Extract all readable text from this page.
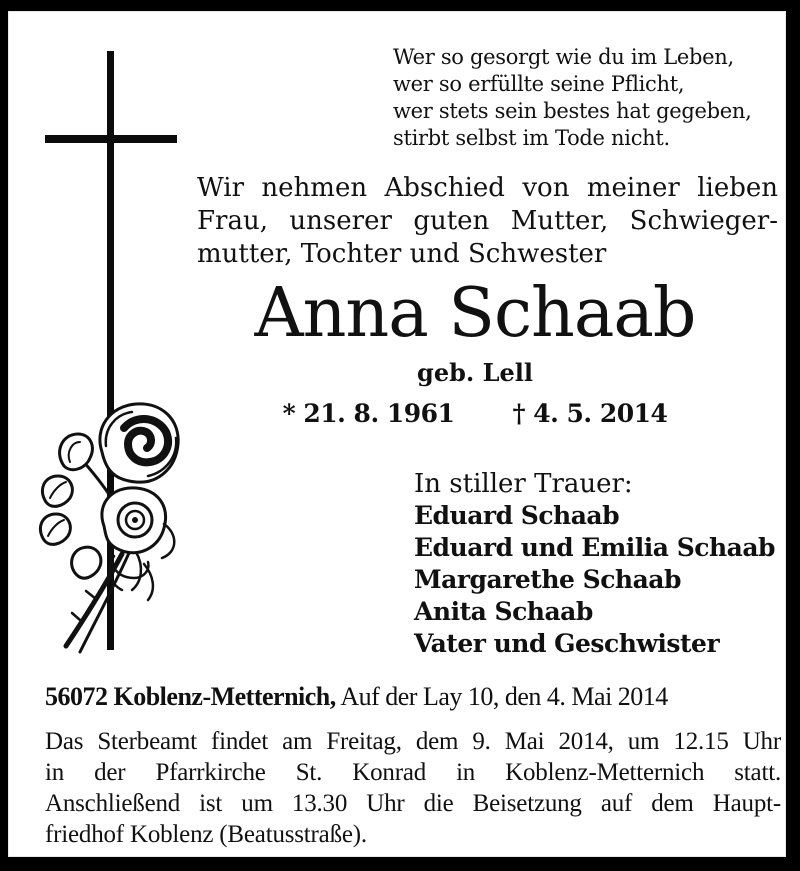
Wer so gesorgt wie du im Leben,
wer so erfüllte seine Pflicht,
wer stets sein bestes hat gegeben,
stirbt selbst im Tode nicht.
Wir nehmen Abschied von meiner lieben
Frau, unserer guten Mutter, Schwieger-
mutter, Tochter und Schwester
Anna Schaab
geb. Lell
* 21. 8. 1961 † 4. 5. 2014
In stiller Trauer:
Eduard Schaab
Eduard und Emilia Schaab
Margarethe Schaab
Anita Schaab
Vater und Geschwister
56072 Koblenz-Metternich, Auf der Lay 10, den 4. Mai 2014
Das Sterbeamt findet am Freitag, dem 9. Mai 2014, um 12.15 Uhr
in der Pfarrkirche St. Konrad in Koblenz-Metternich statt.
Anschließend ist um 13.30 Uhr die Beisetzung auf dem Haupt-
friedhof Koblenz (Beatusstraße).
